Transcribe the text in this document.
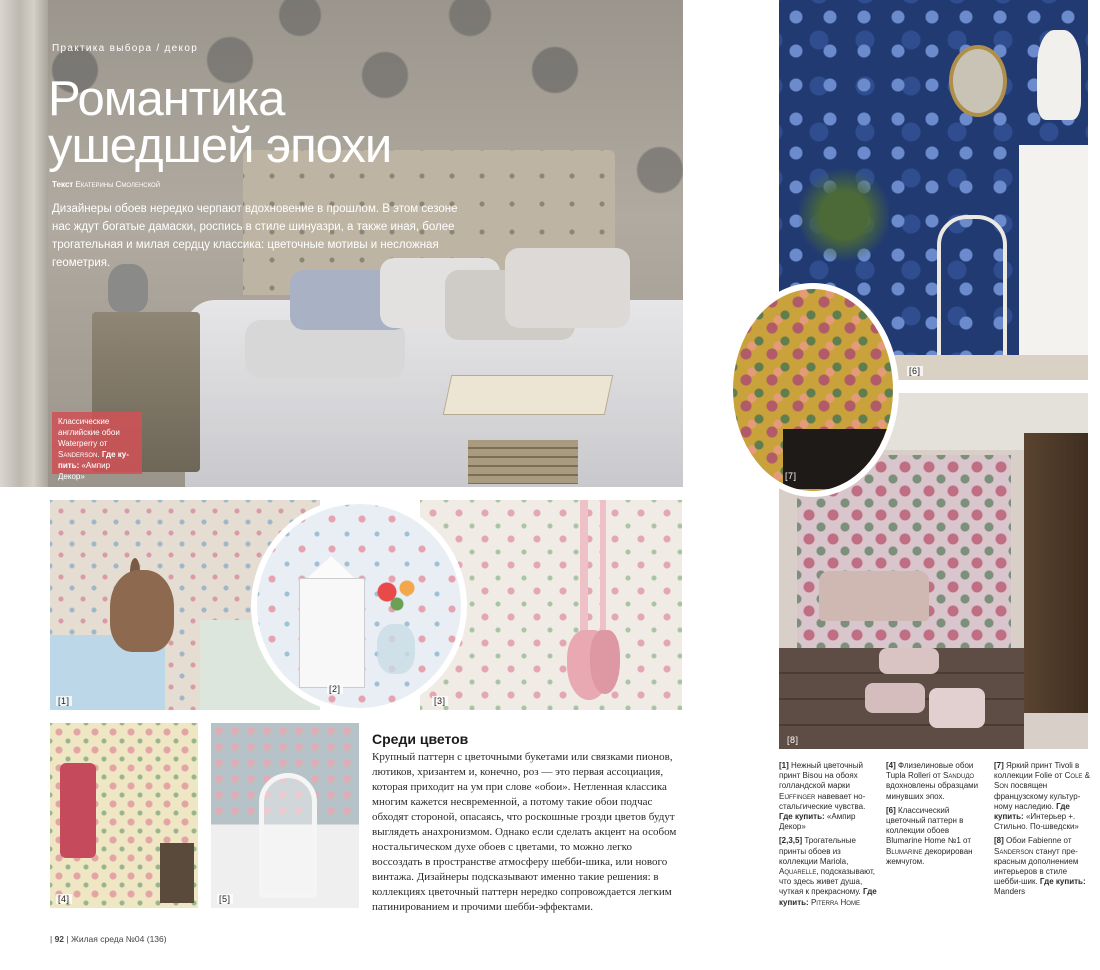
Практика выбора / декор
Романтика
ушедшей эпохи
Текст Екатерины Смоленской

Дизайнеры обоев нередко черпают вдохновение в прошлом. В этом сезоне нас ждут богатые дамаски, роспись в стиле шинуазри, а также иная, более трогательная и милая сердцу классика: цветочные мотивы и несложная геометрия.

Классические английские обои Waterperry от Sanderson. Где ку-пить: «Ампир Декор»
[1]	[3]
[2]
[4]	[5]
[6]
[8]
[7]
Среди цветов

Крупный паттерн с цветочными букетами или связками пионов, лютиков, хризантем и, конечно, роз — это первая ассоциация, которая приходит на ум при слове «обои». Нетленная классика многим кажется несвременной, а потому такие обои подчас обходят стороной, опасаясь, что роскошные грозди цветов будут выглядеть анахронизмом. Однако если сделать акцент на особом ностальгическом духе обоев с цветами, то можно легко воссоздать в пространстве атмосферу шебби-шика, или нового винтажа. Дизайнеры подсказывают именно такие решения: в коллекциях цветочный паттерн нередко сопровождается легким патинированием и прочими шебби-эффектами.

[1] Нежный цветочный принт Bisou на обоях голландской марки Eijffinger навевает ностальгические чувства. Где купить: «Ампир Декор»

[2,3,5] Трогательные принты обоев из коллекции Mariola, Aquarelle, подсказывают, что здесь живет душа, чуткая к прекрасному. Где купить: Piterra Home

[4] Флизелиновые обои Tupla Rolleri от Sanduдо вдохновлены образцами минувших эпох.

[6] Классический цветочный паттерн в коллекции обоев Blumarine Home №1 от Blumarine декорирован жемчугом.

[7] Яркий принт Tivoli в коллекции Folie от Cole & Son посвящен французскому культурному наследию. Где купить: «Интерьер +. Стильно. По-шведски»

[8] Обои Fabienne от Sanderson станут прекрасным дополнением интерьеров в стиле шебби-шик. Где купить: Manders

| 92 | Жилая среда №04 (136)
